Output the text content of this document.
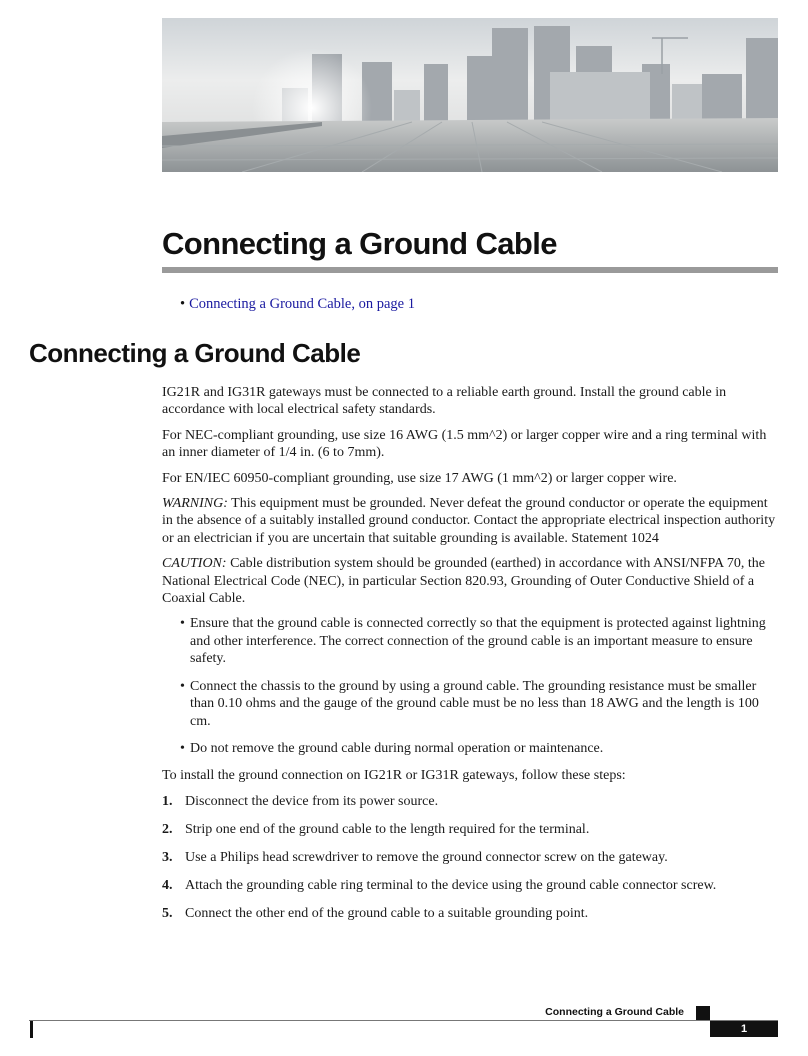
Connecting a Ground Cable
• Connecting a Ground Cable, on page 1
Connecting a Ground Cable

IG21R and IG31R gateways must be connected to a reliable earth ground. Install the ground cable in accordance with local electrical safety standards.

For NEC-compliant grounding, use size 16 AWG (1.5 mm^2) or larger copper wire and a ring terminal with an inner diameter of 1/4 in. (6 to 7mm).

For EN/IEC 60950-compliant grounding, use size 17 AWG (1 mm^2) or larger copper wire.

WARNING: This equipment must be grounded. Never defeat the ground conductor or operate the equipment in the absence of a suitably installed ground conductor. Contact the appropriate electrical inspection authority or an electrician if you are uncertain that suitable grounding is available. Statement 1024

CAUTION: Cable distribution system should be grounded (earthed) in accordance with ANSI/NFPA 70, the National Electrical Code (NEC), in particular Section 820.93, Grounding of Outer Conductive Shield of a Coaxial Cable.

• Ensure that the ground cable is connected correctly so that the equipment is protected against lightning and other interference. The correct connection of the ground cable is an important measure to ensure safety.
• Connect the chassis to the ground by using a ground cable. The grounding resistance must be smaller than 0.10 ohms and the gauge of the ground cable must be no less than 18 AWG and the length is 100 cm.
• Do not remove the ground cable during normal operation or maintenance.

To install the ground connection on IG21R or IG31R gateways, follow these steps:

1. Disconnect the device from its power source.
2. Strip one end of the ground cable to the length required for the terminal.
3. Use a Philips head screwdriver to remove the ground connector screw on the gateway.
4. Attach the grounding cable ring terminal to the device using the ground cable connector screw.
5. Connect the other end of the ground cable to a suitable grounding point.
Connecting a Ground Cable
1
